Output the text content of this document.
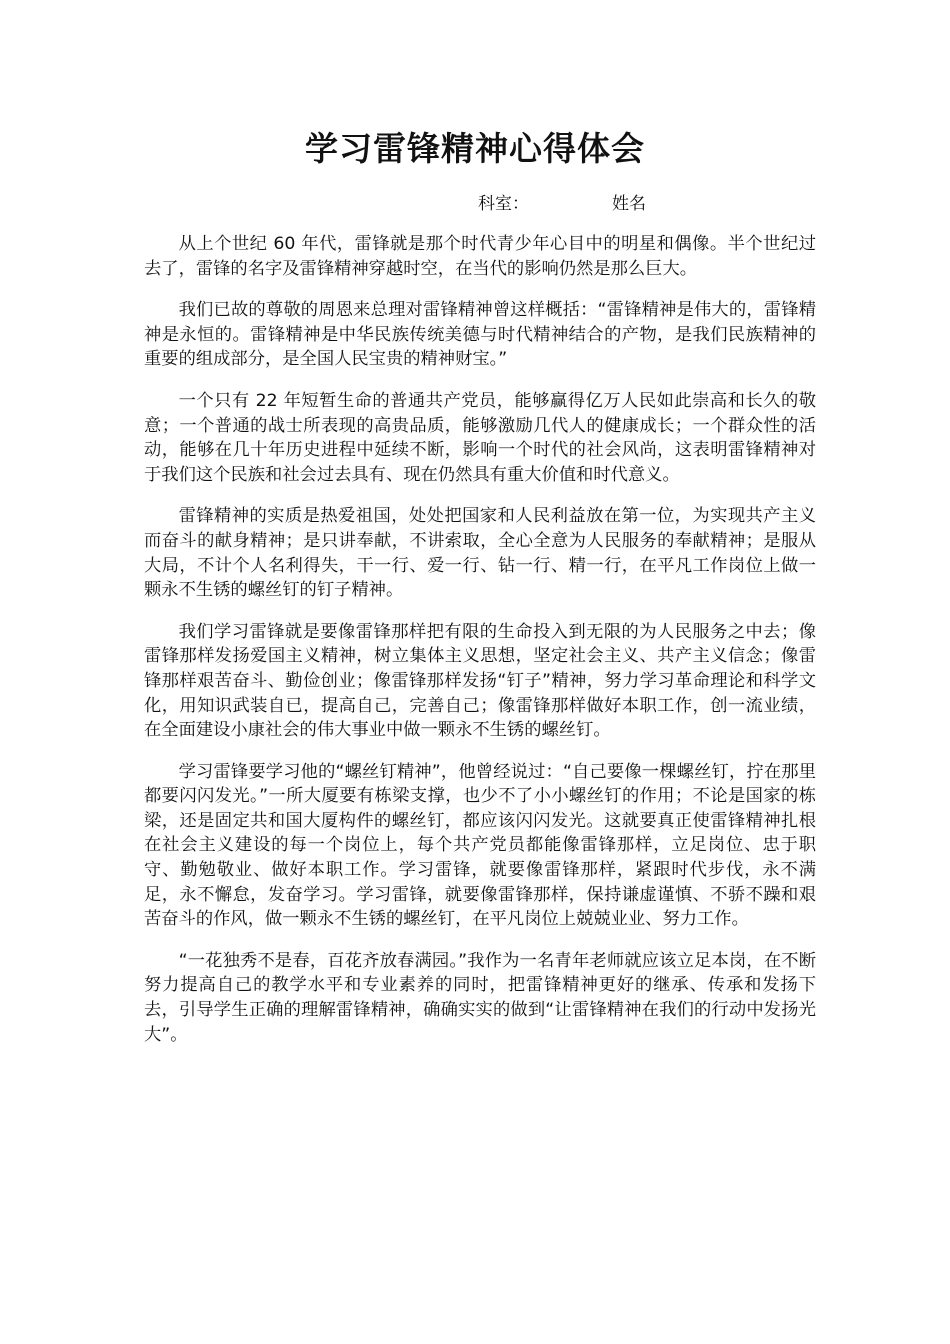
学习雷锋精神心得体会
科室：	姓名

从上个世纪 60 年代，雷锋就是那个时代青少年心目中的明星和偶像。半个世纪过去了，雷锋的名字及雷锋精神穿越时空，在当代的影响仍然是那么巨大。

我们已故的尊敬的周恩来总理对雷锋精神曾这样概括：“雷锋精神是伟大的，雷锋精神是永恒的。雷锋精神是中华民族传统美德与时代精神结合的产物，是我们民族精神的重要的组成部分，是全国人民宝贵的精神财宝。”

一个只有 22 年短暂生命的普通共产党员，能够赢得亿万人民如此崇高和长久的敬意；一个普通的战士所表现的高贵品质，能够激励几代人的健康成长；一个群众性的活动，能够在几十年历史进程中延续不断，影响一个时代的社会风尚，这表明雷锋精神对于我们这个民族和社会过去具有、现在仍然具有重大价值和时代意义。

雷锋精神的实质是热爱祖国，处处把国家和人民利益放在第一位，为实现共产主义而奋斗的献身精神；是只讲奉献，不讲索取，全心全意为人民服务的奉献精神；是服从大局，不计个人名利得失，干一行、爱一行、钻一行、精一行，在平凡工作岗位上做一颗永不生锈的螺丝钉的钉子精神。

我们学习雷锋就是要像雷锋那样把有限的生命投入到无限的为人民服务之中去；像雷锋那样发扬爱国主义精神，树立集体主义思想，坚定社会主义、共产主义信念；像雷锋那样艰苦奋斗、勤俭创业；像雷锋那样发扬“钉子”精神，努力学习革命理论和科学文化，用知识武装自已，提高自己，完善自己；像雷锋那样做好本职工作，创一流业绩，在全面建设小康社会的伟大事业中做一颗永不生锈的螺丝钉。

学习雷锋要学习他的“螺丝钉精神”，他曾经说过：“自己要像一棵螺丝钉，拧在那里都要闪闪发光。”一所大厦要有栋梁支撑，也少不了小小螺丝钉的作用；不论是国家的栋梁，还是固定共和国大厦构件的螺丝钉，都应该闪闪发光。这就要真正使雷锋精神扎根在社会主义建设的每一个岗位上，每个共产党员都能像雷锋那样，立足岗位、忠于职守、勤勉敬业、做好本职工作。学习雷锋，就要像雷锋那样，紧跟时代步伐，永不满足，永不懈怠，发奋学习。学习雷锋，就要像雷锋那样，保持谦虚谨慎、不骄不躁和艰苦奋斗的作风，做一颗永不生锈的螺丝钉，在平凡岗位上兢兢业业、努力工作。

“一花独秀不是春，百花齐放春满园。”我作为一名青年老师就应该立足本岗，在不断努力提高自己的教学水平和专业素养的同时，把雷锋精神更好的继承、传承和发扬下去，引导学生正确的理解雷锋精神，确确实实的做到“让雷锋精神在我们的行动中发扬光大”。
